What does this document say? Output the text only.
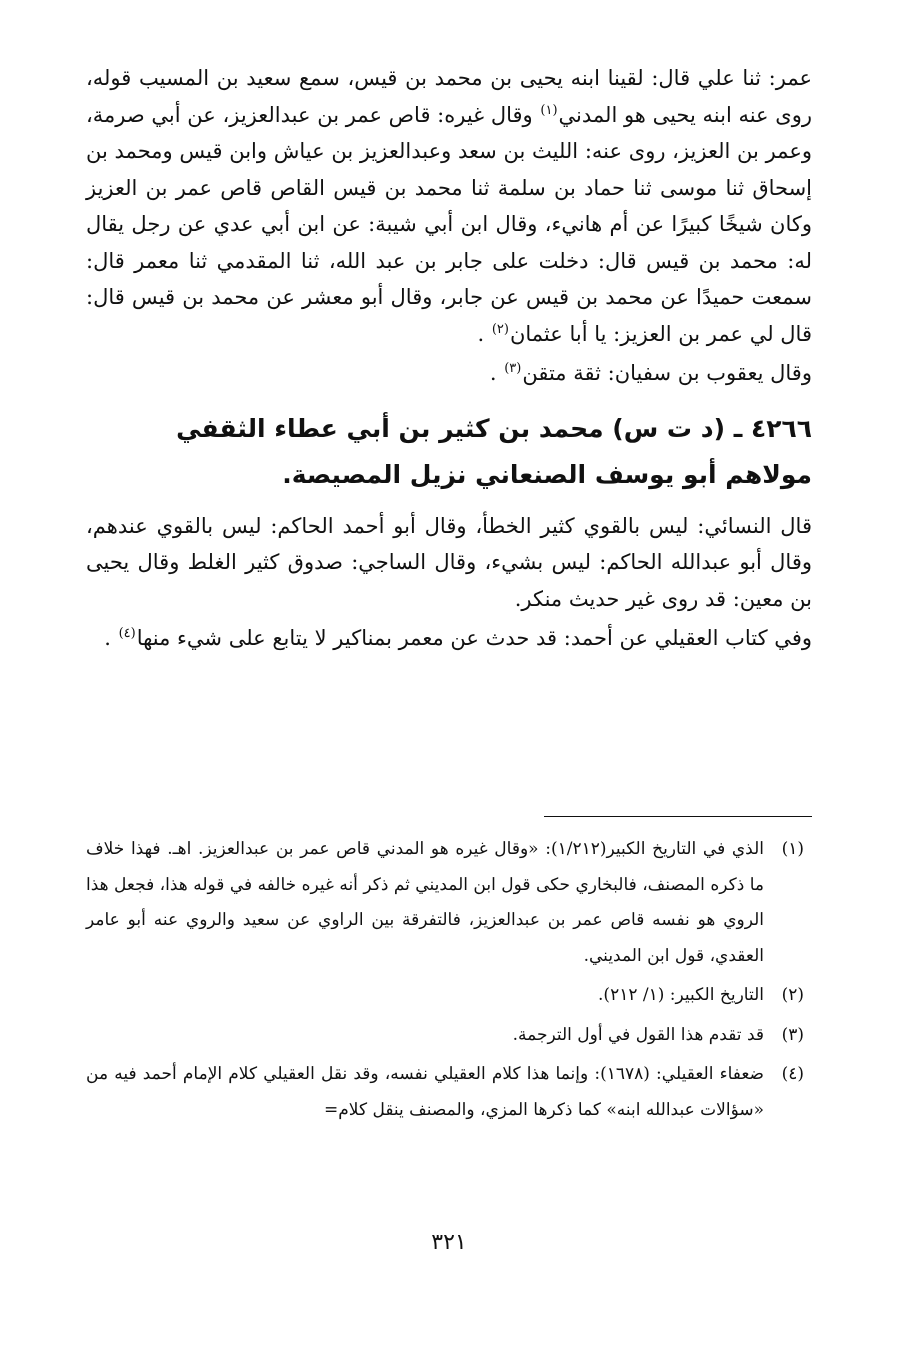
عمر: ثنا علي قال: لقينا ابنه يحيى بن محمد بن قيس، سمع سعيد بن المسيب قوله، روى عنه ابنه يحيى هو المدني$^{(١)}$ وقال غيره: قاص عمر بن عبدالعزيز، عن أبي صرمة، وعمر بن العزيز، روى عنه: الليث بن سعد وعبدالعزيز بن عياش وابن قيس ومحمد بن إسحاق ثنا موسى ثنا حماد بن سلمة ثنا محمد بن قيس القاص قاص عمر بن العزيز وكان شيخًا كبيرًا عن أم هانيء، وقال ابن أبي شيبة: عن ابن أبي عدي عن رجل يقال له: محمد بن قيس قال: دخلت على جابر بن عبد الله، ثنا المقدمي ثنا معمر قال: سمعت حميدًا عن محمد بن قيس عن جابر، وقال أبو معشر عن محمد بن قيس قال: قال لي عمر بن العزيز: يا أبا عثمان$^{(٢)}$ .

وقال يعقوب بن سفيان: ثقة متقن$^{(٣)}$ .

٤٢٦٦ ـ (د ت س) محمد بن كثير بن أبي عطاء الثقفي مولاهم أبو يوسف الصنعاني نزيل المصيصة.

قال النسائي: ليس بالقوي كثير الخطأ، وقال أبو أحمد الحاكم: ليس بالقوي عندهم، وقال أبو عبدالله الحاكم: ليس بشيء، وقال الساجي: صدوق كثير الغلط وقال يحيى بن معين: قد روى غير حديث منكر.

وفي كتاب العقيلي عن أحمد: قد حدث عن معمر بمناكير لا يتابع على شيء منها$^{(٤)}$ .

(١)
الذي في التاريخ الكبير(١/٢١٢): «وقال غيره هو المدني قاص عمر بن عبدالعزيز. اهـ. فهذا خلاف ما ذكره المصنف، فالبخاري حكى قول ابن المديني ثم ذكر أنه غيره خالفه في قوله هذا، فجعل هذا الروي هو نفسه قاص عمر بن عبدالعزيز، فالتفرقة بين الراوي عن سعيد والروي عنه أبو عامر العقدي، قول ابن المديني.
(٢)
التاريخ الكبير: (١/ ٢١٢).
(٣)
قد تقدم هذا القول في أول الترجمة.
(٤)
ضعفاء العقيلي: (١٦٧٨): وإنما هذا كلام العقيلي نفسه، وقد نقل العقيلي كلام الإمام أحمد فيه من «سؤالات عبدالله ابنه» كما ذكرها المزي، والمصنف ينقل كلام=
٣٢١
